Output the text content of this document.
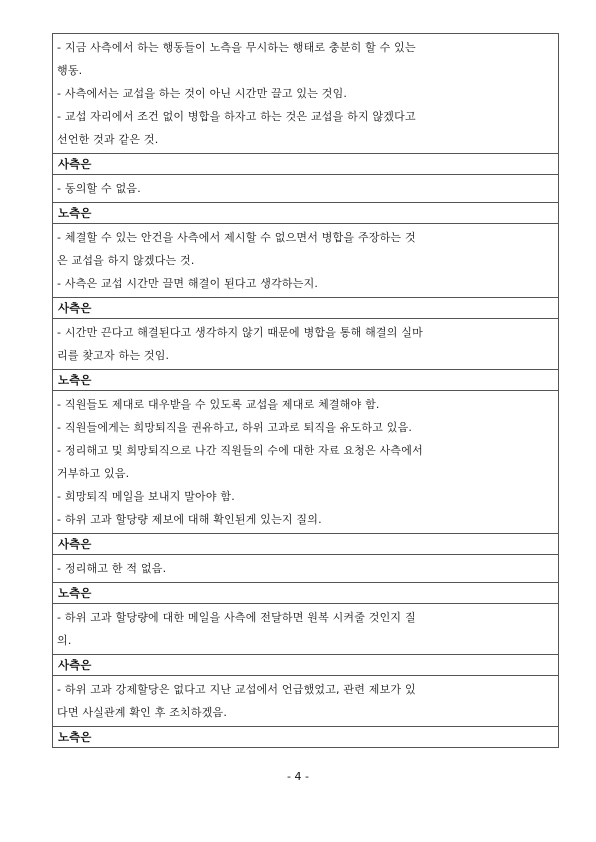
- 지금 사측에서 하는 행동들이 노측을 무시하는 행태로 충분히 할 수 있는
행동.
- 사측에서는 교섭을 하는 것이 아닌 시간만 끌고 있는 것임.
- 교섭 자리에서 조건 없이 병합을 하자고 하는 것은 교섭을 하지 않겠다고
선언한 것과 같은 것.
사측은
- 동의할 수 없음.
노측은
- 체결할 수 있는 안건을 사측에서 제시할 수 없으면서 병합을 주장하는 것
은 교섭을 하지 않겠다는 것.
- 사측은 교섭 시간만 끌면 해결이 된다고 생각하는지.
사측은
- 시간만 끈다고 해결된다고 생각하지 않기 때문에 병합을 통해 해결의 실마
리를 찾고자 하는 것임.
노측은
- 직원들도 제대로 대우받을 수 있도록 교섭을 제대로 체결해야 함.
- 직원들에게는 희망퇴직을 권유하고, 하위 고과로 퇴직을 유도하고 있음.
- 정리해고 및 희망퇴직으로 나간 직원들의 수에 대한 자료 요청은 사측에서
거부하고 있음.
- 희망퇴직 메일을 보내지 말아야 함.
- 하위 고과 할당량 제보에 대해 확인된게 있는지 질의.
사측은
- 정리해고 한 적 없음.
노측은
- 하위 고과 할당량에 대한 메일을 사측에 전달하면 원복 시켜줄 것인지 질
의.
사측은
- 하위 고과 강제할당은 없다고 지난 교섭에서 언급했었고, 관련 제보가 있
다면 사실관계 확인 후 조치하겠음.
노측은
- 4 -
